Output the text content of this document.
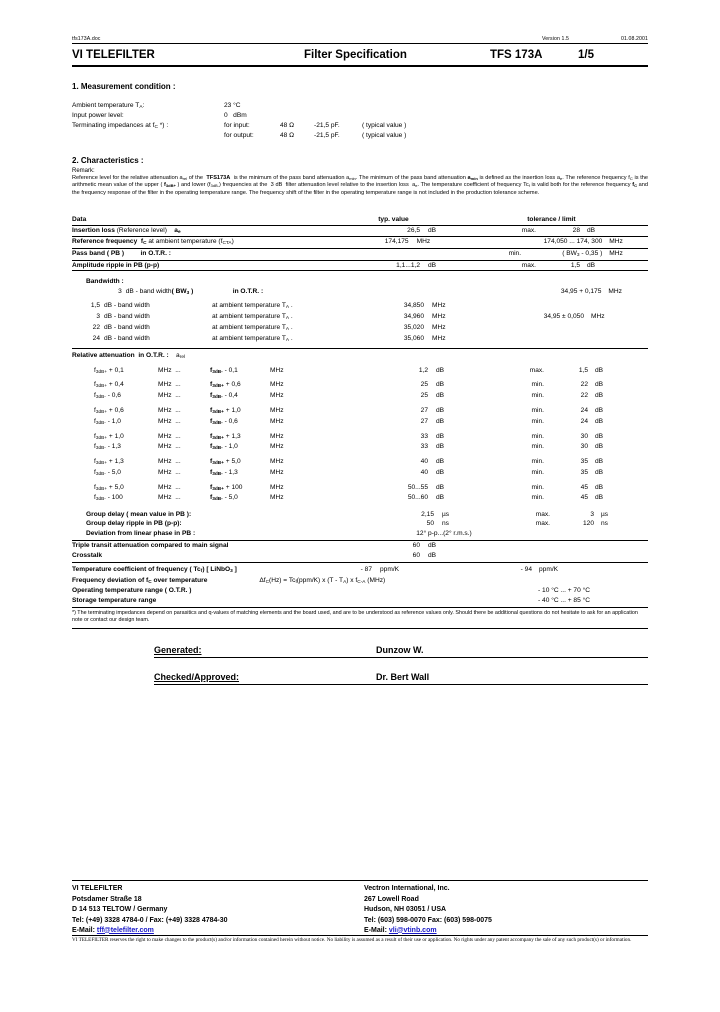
tfs173A.doc	Version 1.5	01.08.2001
VI TELEFILTER	Filter Specification	TFS 173A	1/5
1. Measurement condition :
Ambient temperature $T_A$:	23 °C
Input power level:	0 dBm
Terminating impedances at $f_C$ *) :	for input:	48 Ω	-21,5 pF.	( typical value )

for output:	48 Ω	-21,5 pF.	( typical value )
2. Characteristics :
Remark:
Reference level for the relative attenuation $a_{rel}$ of the  TFS173A  is the minimum of the pass band attenuation $a_{min}$. The minimum of the pass band attenuation $a_{min}$ is defined as the insertion loss $a_e$. The reference frequency $f_C$ is the arithmetic mean value of the upper ( $f_{3dB+}$ ) and lower $(f_{3dB-})$ frequencies at the  3 dB  filter attenuation level relative to the insertion loss  $a_e$. The temperature coefficient of frequency $Tc_f$ is valid both for the reference frequency $f_C$ and the frequency response of the filter in the operating temperature range. The frequency shift of the filter in the operating temperature range is not included in the production tolerance scheme.
Data	typ. value	tolerance / limit
Insertion loss (Reference level) $a_e$	26,5	dB	max.	28	dB
Reference frequency $f_C$ at ambient temperature $(f_{CTA})$	174,175	MHz	174,050 ... 174, 300	MHz
Pass band ( PB )	in O.T.R. :	min.	( $BW_3 - 0,35$ )	MHz
Amplitude ripple in PB (p-p)	1,1...1,2	dB	max.	1,5	dB
Bandwidth :
3 dB - band width( $BW_3$ )	in O.T.R. :	34,95 + 0,175	MHz
1,5 dB - band width	at ambient temperature $T_A$ .	34,850	MHz
3 dB - band width	at ambient temperature $T_A$ .	34,960	MHz	34,95 ± 0,050	MHz
22 dB - band width	at ambient temperature $T_A$ .	35,020	MHz
24 dB - band width	at ambient temperature $T_A$ .	35,060	MHz
Relative attenuation in O.T.R. :    $a_{rel}$
$f_{3dB+} + 0,1$	MHz  ...	$f_{3dB-} - 0,1$	MHz	1,2	dB	max.	1,5	dB
$f_{3dB+} + 0,4$	MHz  ...	$f_{3dB+} + 0,6$	MHz	25	dB	min.	22	dB
$f_{3dB-} - 0,6$	MHz  ...	$f_{3dB-} - 0,4$	MHz	25	dB	min.	22	dB
$f_{3dB+} + 0,6$	MHz  ...	$f_{3dB+} + 1,0$	MHz	27	dB	min.	24	dB
$f_{3dB-} - 1,0$	MHz  ...	$f_{3dB-} - 0,6$	MHz	27	dB	min.	24	dB
$f_{3dB+} + 1,0$	MHz  ...	$f_{3dB+} + 1,3$	MHz	33	dB	min.	30	dB
$f_{3dB-} - 1,3$	MHz  ...	$f_{3dB-} - 1,0$	MHz	33	dB	min.	30	dB
$f_{3dB+} + 1,3$	MHz  ...	$f_{3dB+} + 5,0$	MHz	40	dB	min.	35	dB
$f_{3dB-} - 5,0$	MHz  ...	$f_{3dB-} - 1,3$	MHz	40	dB	min.	35	dB
$f_{3dB+} + 5,0$	MHz  ...	$f_{3dB+} + 100$	MHz	50...55	dB	min.	45	dB
$f_{3dB-} - 100$	MHz  ...	$f_{3dB-} - 5,0$	MHz	50...60	dB	min.	45	dB
Group delay ( mean value in PB ):	2,15	µs	max.	3	µs
Group delay ripple in PB (p-p):	50	ns	max.	120	ns
Deviation from linear phase in PB :	12° p-p...(2° r.m.s.)
Triple transit attenuation compared to main signal	60	dB
Crosstalk	60	dB
Temperature coefficient of frequency ( $Tc_f$) [ LiNbO$_3$ ]	- 87	ppm/K	- 94	ppm/K
Frequency deviation of $f_C$ over temperature	$\Delta f_C(Hz) = Tc_f(ppm/K)$ x $(T - T_A)$ x $f_{C-A}$ (MHz)
Operating temperature range ( O.T.R. )	- 10 °C ... + 70 °C
Storage temperature range	- 40 °C ... + 85 °C
*) The terminating impedances depend on parasitics and q-values of matching elements and the board used, and are to be understood as reference values only. Should there be additional questions do not hesitate to ask for an application note or contact our design team.
Generated:	Dunzow W.
Checked/Approved:	Dr. Bert Wall
VI TELEFILTER
Potsdamer Straße 18
D 14 513 TELTOW / Germany
Tel: (+49) 3328 4784-0 / Fax: (+49) 3328 4784-30
Vectron International, Inc.
267 Lowell Road
Hudson, NH 03051 / USA
Tel: (603) 598-0070 Fax: (603) 598-0075
E-Mail: tff@telefilter.com	E-Mail: vli@vtinb.com
VI TELEFILTER reserves the right to make changes to the product(s) and/or information contained herein without notice. No liability is assumed as a result of their use or application. No rights under any patent accompany the sale of any such product(s) or information.
